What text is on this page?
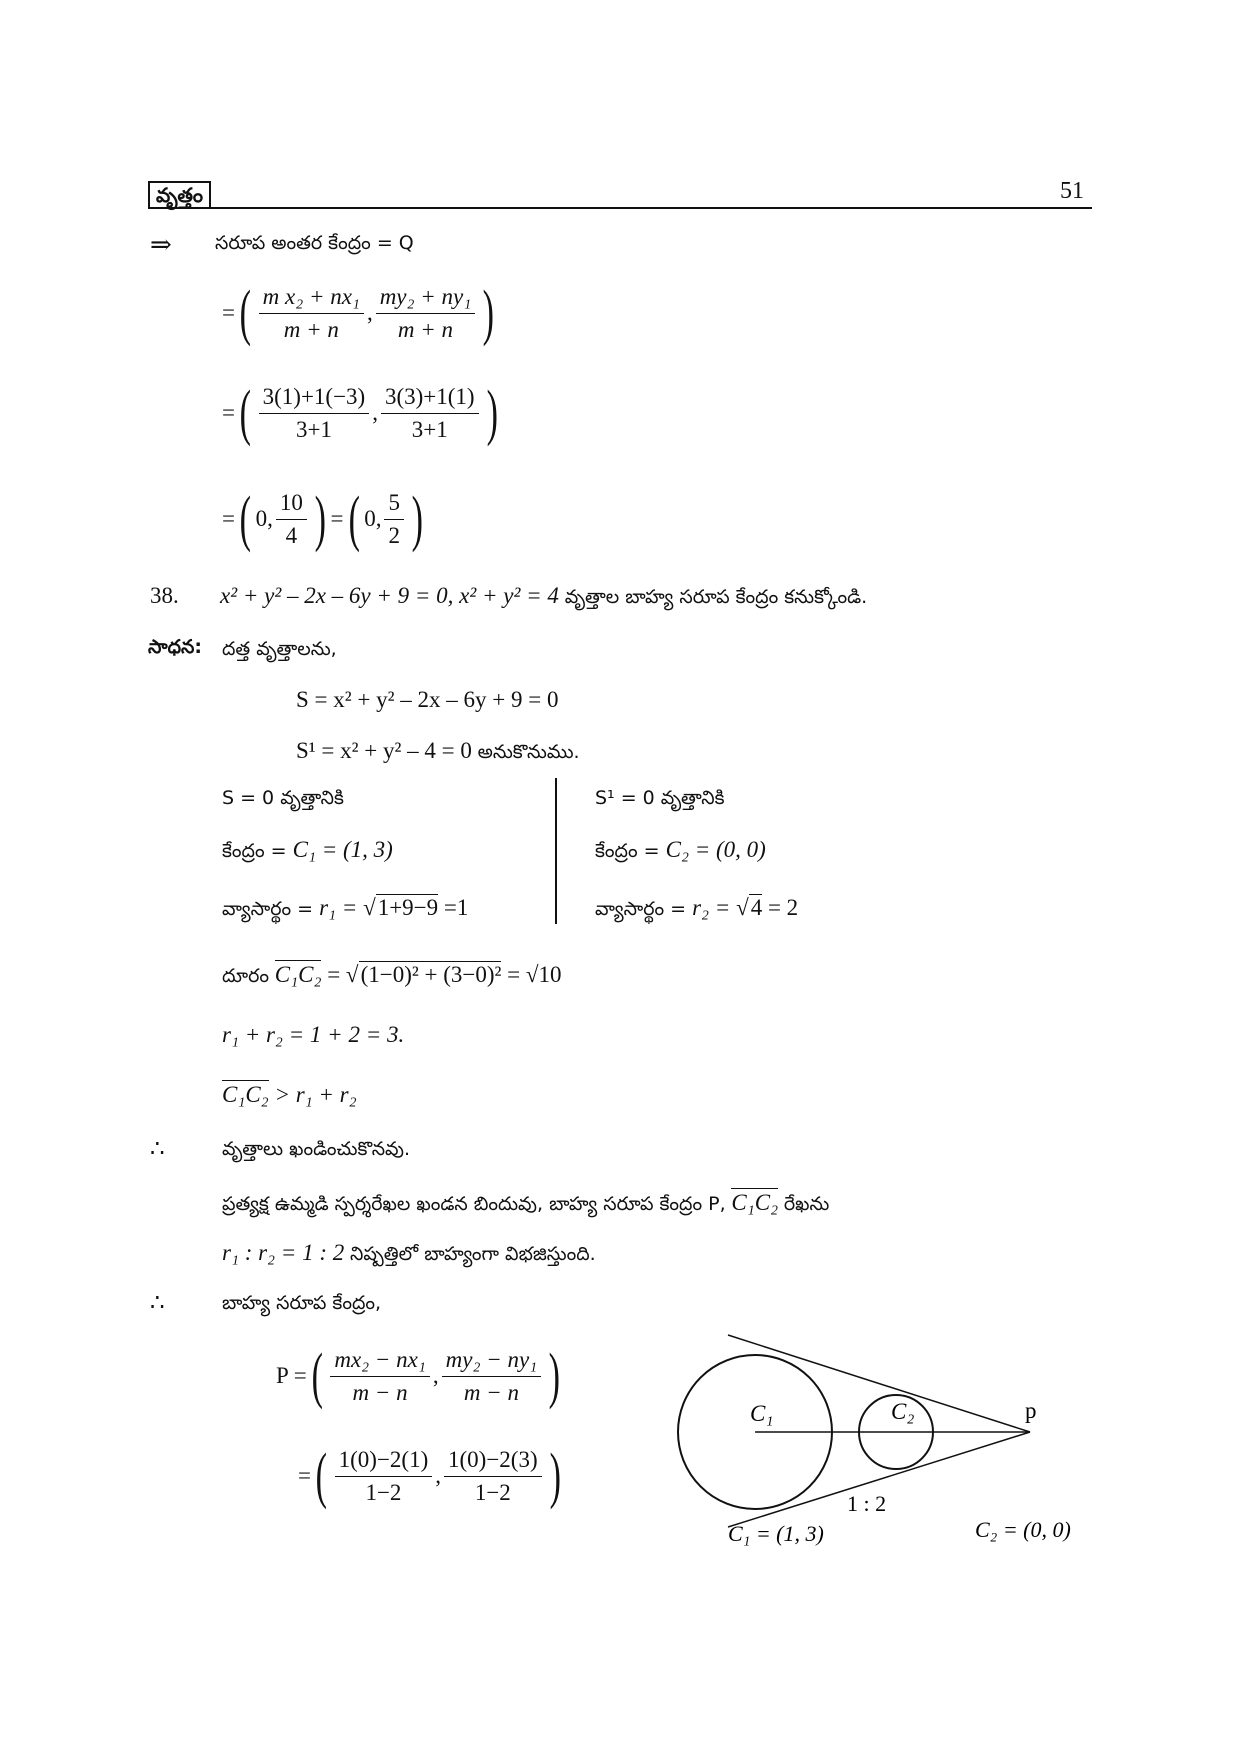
వృత్తం	51
⇒ సరూప అంతర కేంద్రం = Q
= ( $\frac{\text{m x₂ + nx₁}}{m + n}$ , $\frac{\text{my₂ + ny₁}}{m + n}$ )
= ( $\frac{3(1)+1(-3)}{3+1}$ , $\frac{3(3)+1(1)}{3+1}$ )
= ( 0, $\frac{10}{4}$ ) = ( 0, $\frac{5}{2}$ )
38. x² + y² – 2x – 6y + 9 = 0, x² + y² = 4 వృత్తాల బాహ్య సరూప కేంద్రం కనుక్కోండి.
సాధన: దత్త వృత్తాలను,
S = x² + y² – 2x – 6y + 9 = 0
S¹ = x² + y² – 4 = 0 అనుకొనుము.
S = 0 వృత్తానికి
కేంద్రం = C₁ = (1, 3)
వ్యాసార్థం = r₁ = √1+9−9 =1
S¹ = 0 వృత్తానికి
కేంద్రం = C₂ = (0, 0)
వ్యాసార్థం = r₂ = √4 = 2
దూరం C₁C₂ = √(1−0)² + (3−0)² = √10
r₁ + r₂ = 1 + 2 = 3.
C₁C₂ > r₁ + r₂
∴	వృత్తాలు ఖండించుకొనవు.
ప్రత్యక్ష ఉమ్మడి స్పర్శరేఖల ఖండన బిందువు, బాహ్య సరూప కేంద్రం P, C₁C₂ రేఖను
r₁ : r₂ = 1 : 2 నిష్పత్తిలో బాహ్యంగా విభజిస్తుంది.
∴	బాహ్య సరూప కేంద్రం,
P = ( $\frac{\text{mx₂ − nx₁}}{m - n}$ , $\frac{\text{my₂ − ny₁}}{m - n}$ )
= ( $\frac{1(0)-2(1)}{1-2}$ , $\frac{1(0)-2(3)}{1-2}$ )
C₁	C₂	p
1 : 2
C₁ = (1, 3)	C₂ = (0, 0)
